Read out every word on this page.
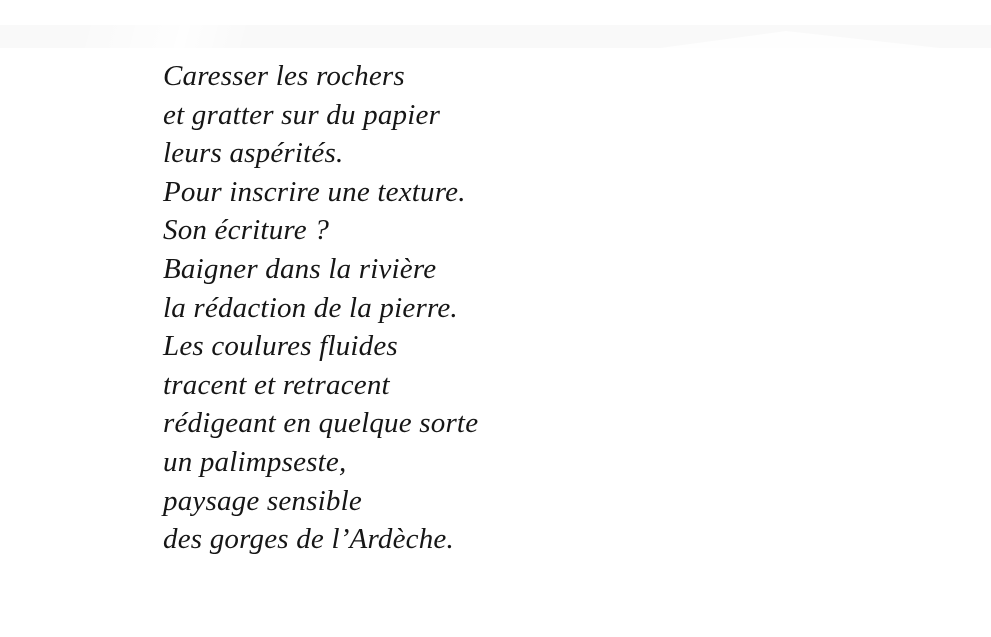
Caresser les rochers
et gratter sur du papier
leurs aspérités.
Pour inscrire une texture.
Son écriture ?
Baigner dans la rivière
la rédaction de la pierre.
Les coulures fluides
tracent et retracent
rédigeant en quelque sorte
un palimpseste,
paysage sensible
des gorges de l’Ardèche.
